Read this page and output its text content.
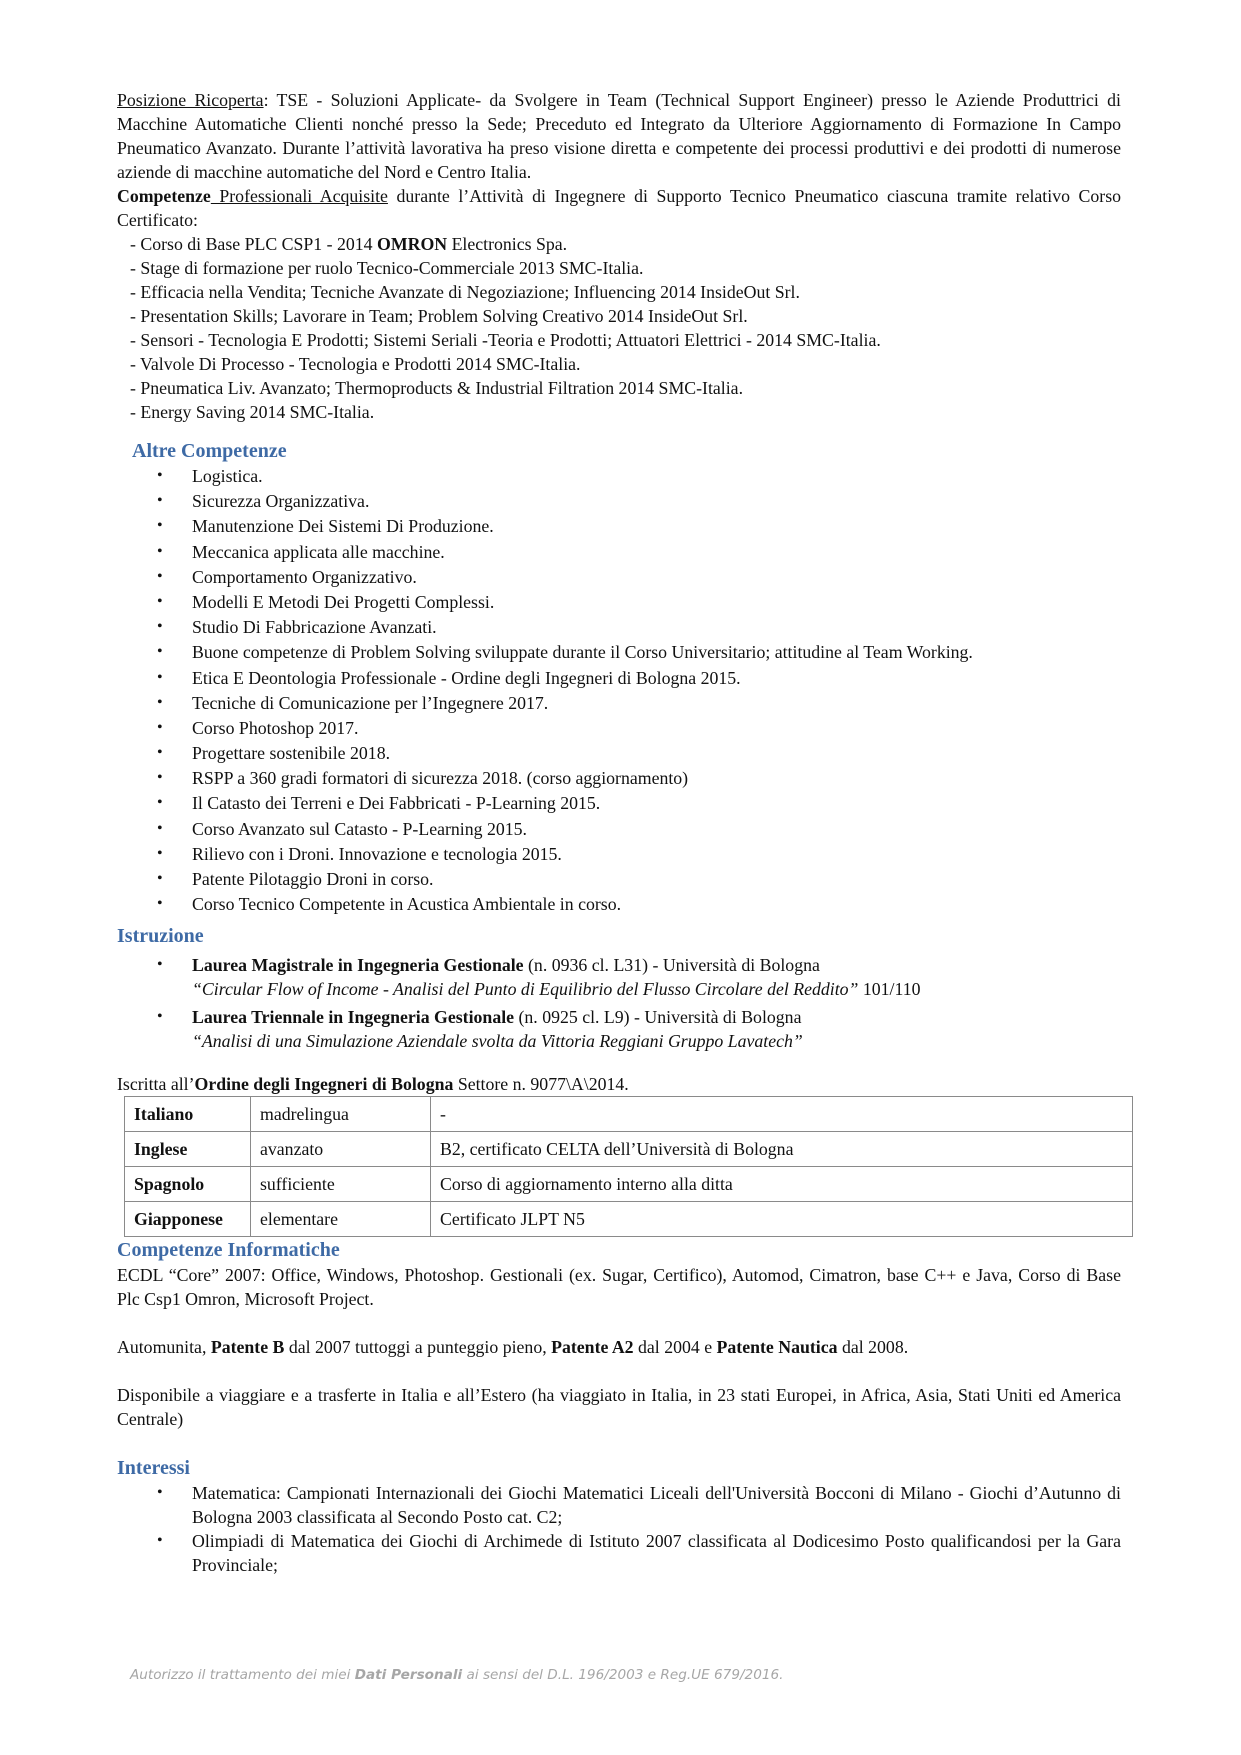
Posizione Ricoperta: TSE - Soluzioni Applicate- da Svolgere in Team (Technical Support Engineer) presso le Aziende Produttrici di Macchine Automatiche Clienti nonché presso la Sede; Preceduto ed Integrato da Ulteriore Aggiornamento di Formazione In Campo Pneumatico Avanzato. Durante l’attività lavorativa ha preso visione diretta e competente dei processi produttivi e dei prodotti di numerose aziende di macchine automatiche del Nord e Centro Italia.
Competenze Professionali Acquisite durante l’Attività di Ingegnere di Supporto Tecnico Pneumatico ciascuna tramite relativo Corso Certificato:
- Corso di Base PLC CSP1 - 2014 OMRON Electronics Spa.
- Stage di formazione per ruolo Tecnico-Commerciale 2013 SMC-Italia.
- Efficacia nella Vendita; Tecniche Avanzate di Negoziazione; Influencing 2014 InsideOut Srl.
- Presentation Skills; Lavorare in Team; Problem Solving Creativo 2014 InsideOut Srl.
- Sensori - Tecnologia E Prodotti; Sistemi Seriali -Teoria e Prodotti; Attuatori Elettrici - 2014 SMC-Italia.
- Valvole Di Processo - Tecnologia e Prodotti 2014 SMC-Italia.
- Pneumatica Liv. Avanzato; Thermoproducts & Industrial Filtration 2014 SMC-Italia.
- Energy Saving 2014 SMC-Italia.
Altre Competenze
• Logistica.
• Sicurezza Organizzativa.
• Manutenzione Dei Sistemi Di Produzione.
• Meccanica applicata alle macchine.
• Comportamento Organizzativo.
• Modelli E Metodi Dei Progetti Complessi.
• Studio Di Fabbricazione Avanzati.
• Buone competenze di Problem Solving sviluppate durante il Corso Universitario; attitudine al Team Working.
• Etica E Deontologia Professionale - Ordine degli Ingegneri di Bologna 2015.
• Tecniche di Comunicazione per l’Ingegnere 2017.
• Corso Photoshop 2017.
• Progettare sostenibile 2018.
• RSPP a 360 gradi formatori di sicurezza 2018. (corso aggiornamento)
• Il Catasto dei Terreni e Dei Fabbricati - P-Learning 2015.
• Corso Avanzato sul Catasto - P-Learning 2015.
• Rilievo con i Droni. Innovazione e tecnologia 2015.
• Patente Pilotaggio Droni in corso.
• Corso Tecnico Competente in Acustica Ambientale in corso.
Istruzione
• Laurea Magistrale in Ingegneria Gestionale (n. 0936 cl. L31) - Università di Bologna
“Circular Flow of Income - Analisi del Punto di Equilibrio del Flusso Circolare del Reddito” 101/110
• Laurea Triennale in Ingegneria Gestionale (n. 0925 cl. L9) - Università di Bologna
“Analisi di una Simulazione Aziendale svolta da Vittoria Reggiani Gruppo Lavatech”
Iscritta all’Ordine degli Ingegneri di Bologna Settore n. 9077\A\2014.
Italiano	madrelingua	-
Inglese	avanzato	B2, certificato CELTA dell’Università di Bologna
Spagnolo	sufficiente	Corso di aggiornamento interno alla ditta
Giapponese	elementare	Certificato JLPT N5
Competenze Informatiche
ECDL “Core” 2007: Office, Windows, Photoshop. Gestionali (ex. Sugar, Certifico), Automod, Cimatron, base C++ e Java, Corso di Base Plc Csp1 Omron, Microsoft Project.
Automunita, Patente B dal 2007 tuttoggi a punteggio pieno, Patente A2 dal 2004 e Patente Nautica dal 2008.
Disponibile a viaggiare e a trasferte in Italia e all’Estero (ha viaggiato in Italia, in 23 stati Europei, in Africa, Asia, Stati Uniti ed America Centrale)
Interessi
• Matematica: Campionati Internazionali dei Giochi Matematici Liceali dell'Università Bocconi di Milano - Giochi d’Autunno di Bologna 2003 classificata al Secondo Posto cat. C2;
• Olimpiadi di Matematica dei Giochi di Archimede di Istituto 2007 classificata al Dodicesimo Posto qualificandosi per la Gara Provinciale;
Autorizzo il trattamento dei miei Dati Personali ai sensi del D.L. 196/2003 e Reg.UE 679/2016.
